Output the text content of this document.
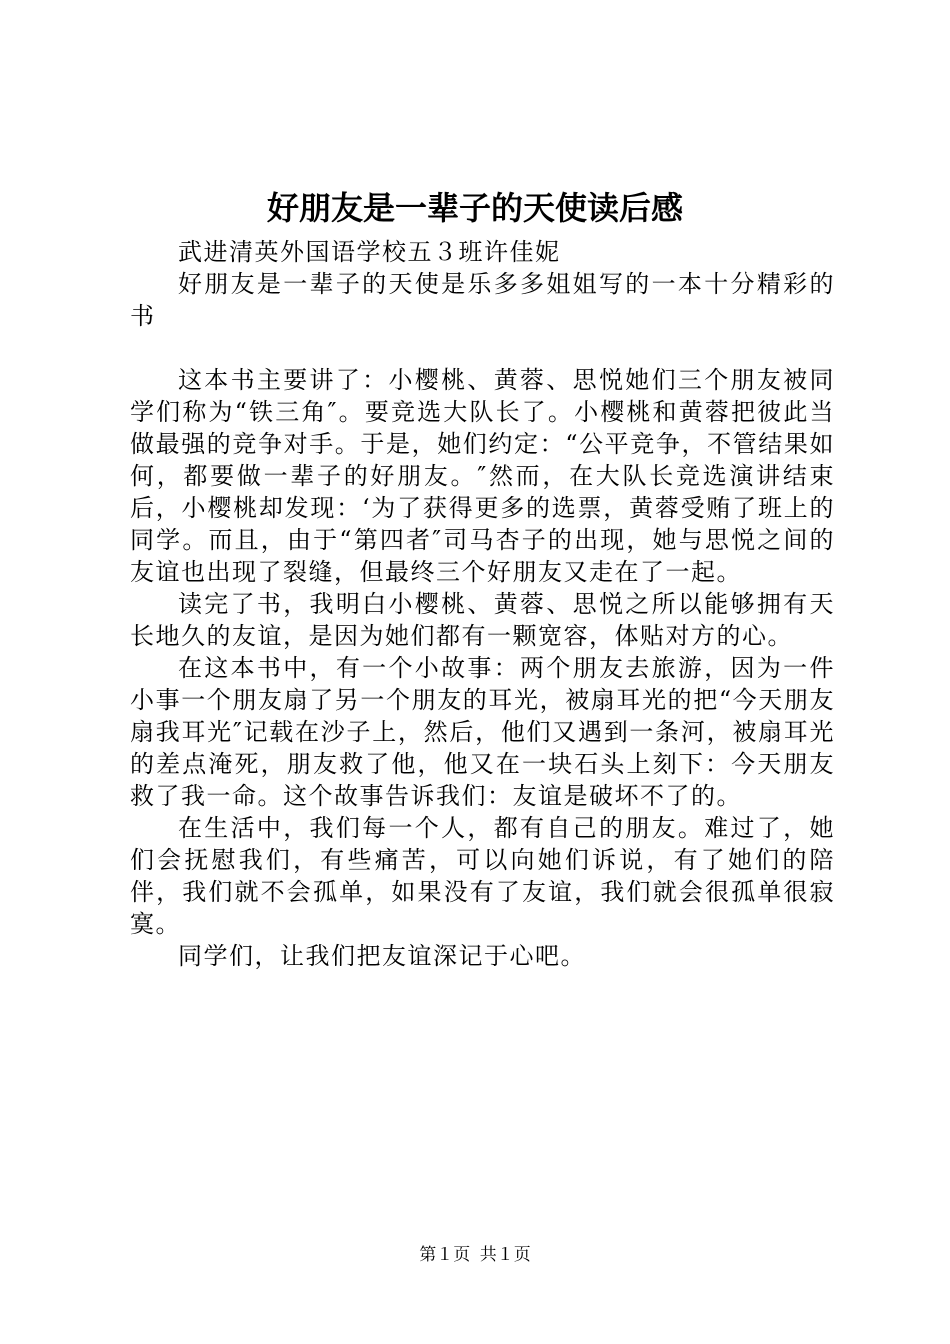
好朋友是一辈子的天使读后感

武进清英外国语学校五３班许佳妮

好朋友是一辈子的天使是乐多多姐姐写的一本十分精彩的书

这本书主要讲了：小樱桃、黄蓉、思悦她们三个朋友被同学们称为“铁三角″。要竞选大队长了。小樱桃和黄蓉把彼此当做最强的竞争对手。于是，她们约定：“公平竞争，不管结果如何，都要做一辈子的好朋友。″然而，在大队长竞选演讲结束后，小樱桃却发现：‘为了获得更多的选票，黄蓉受贿了班上的同学。而且，由于“第四者″司马杏子的出现，她与思悦之间的友谊也出现了裂缝，但最终三个好朋友又走在了一起。

读完了书，我明白小樱桃、黄蓉、思悦之所以能够拥有天长地久的友谊，是因为她们都有一颗宽容，体贴对方的心。

在这本书中，有一个小故事：两个朋友去旅游，因为一件小事一个朋友扇了另一个朋友的耳光，被扇耳光的把“今天朋友扇我耳光″记载在沙子上，然后，他们又遇到一条河，被扇耳光的差点淹死，朋友救了他，他又在一块石头上刻下：今天朋友救了我一命。这个故事告诉我们：友谊是破坏不了的。

在生活中，我们每一个人，都有自己的朋友。难过了，她们会抚慰我们，有些痛苦，可以向她们诉说，有了她们的陪伴，我们就不会孤单，如果没有了友谊，我们就会很孤单很寂寞。

同学们，让我们把友谊深记于心吧。

第１页 共１页
